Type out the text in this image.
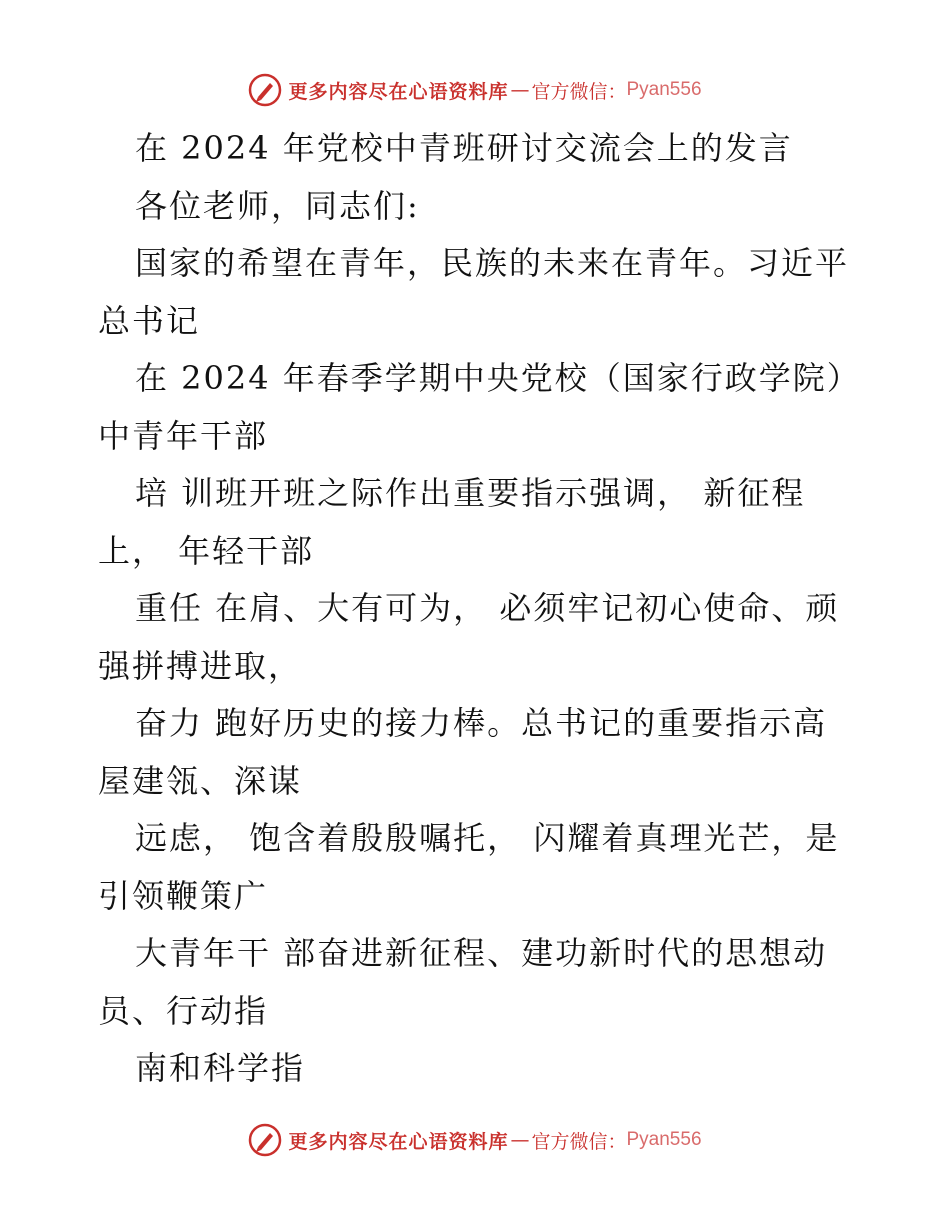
更多内容尽在心语资料库 — 官方微信： Pyan556
在 2024 年党校中青班研讨交流会上的发言
各位老师，同志们:
国家的希望在青年，民族的未来在青年。习近平
总书记
在 2024 年春季学期中央党校（国家行政学院）
中青年干部
培 训班开班之际作出重要指示强调， 新征程
上， 年轻干部
重任 在肩、大有可为， 必须牢记初心使命、顽
强拼搏进取，
奋力 跑好历史的接力棒。总书记的重要指示高
屋建瓴、深谋
远虑， 饱含着殷殷嘱托， 闪耀着真理光芒，是
引领鞭策广
大青年干 部奋进新征程、建功新时代的思想动
员、行动指
南和科学指
更多内容尽在心语资料库 — 官方微信： Pyan556
